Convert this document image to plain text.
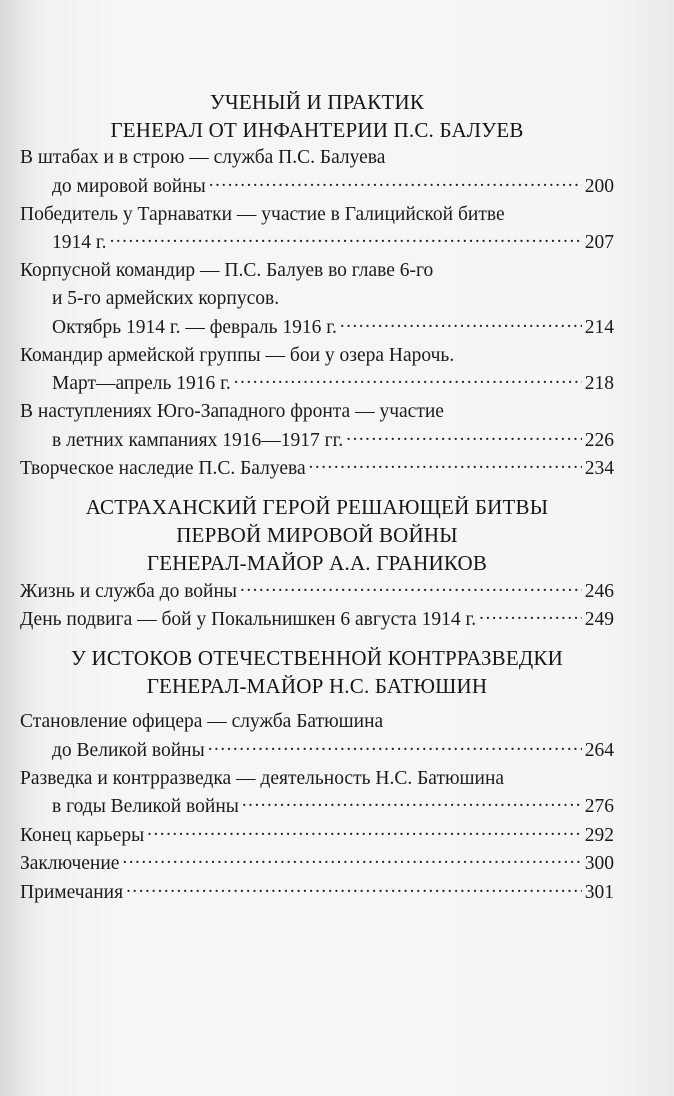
УЧЕНЫЙ И ПРАКТИК
ГЕНЕРАЛ ОТ ИНФАНТЕРИИ П.С. БАЛУЕВ
В штабах и в строю — служба П.С. Балуева
до мировой войны . . .	200
Победитель у Тарнаватки — участие в Галицийской битве
1914 г. . . .	207
Корпусной командир — П.С. Балуев во главе 6-го
и 5-го армейских корпусов.
Октябрь 1914 г. — февраль 1916 г. . . .	214
Командир армейской группы — бои у озера Нарочь.
Март—апрель 1916 г. . . .	218
В наступлениях Юго-Западного фронта — участие
в летних кампаниях 1916—1917 гг. . . .	226
Творческое наследие П.С. Балуева . . .	234
АСТРАХАНСКИЙ ГЕРОЙ РЕШАЮЩЕЙ БИТВЫ
ПЕРВОЙ МИРОВОЙ ВОЙНЫ
ГЕНЕРАЛ-МАЙОР А.А. ГРАНИКОВ
Жизнь и служба до войны . . .	246
День подвига — бой у Покальнишкен 6 августа 1914 г. . . .	249
У ИСТОКОВ ОТЕЧЕСТВЕННОЙ КОНТРРАЗВЕДКИ
ГЕНЕРАЛ-МАЙОР Н.С. БАТЮШИН
Становление офицера — служба Батюшина
до Великой войны . . .	264
Разведка и контрразведка — деятельность Н.С. Батюшина
в годы Великой войны . . .	276
Конец карьеры . . .	292
Заключение . . .	300
Примечания . . .	301
